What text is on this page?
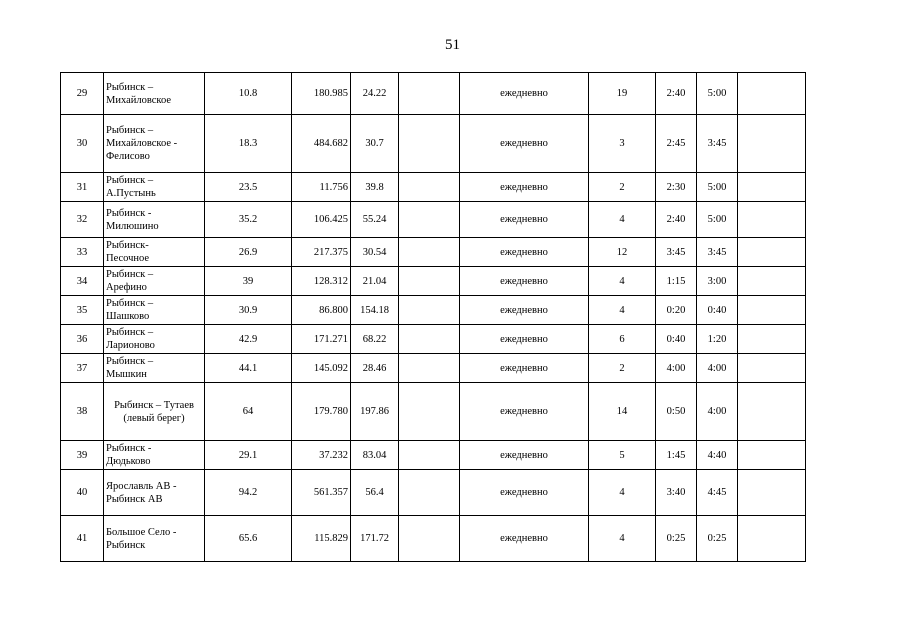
51
29	Рыбинск –
Михайловское	10.8	180.985	24.22		ежедневно	19	2:40	5:00	
30	Рыбинск –
Михайловское -
Фелисово	18.3	484.682	30.7		ежедневно	3	2:45	3:45	
31	Рыбинск –
А.Пустынь	23.5	11.756	39.8		ежедневно	2	2:30	5:00	
32	Рыбинск -
Милюшино	35.2	106.425	55.24		ежедневно	4	2:40	5:00	
33	Рыбинск-
Песочное	26.9	217.375	30.54		ежедневно	12	3:45	3:45	
34	Рыбинск –
Арефино	39	128.312	21.04		ежедневно	4	1:15	3:00	
35	Рыбинск –
Шашково	30.9	86.800	154.18		ежедневно	4	0:20	0:40	
36	Рыбинск –
Ларионово	42.9	171.271	68.22		ежедневно	6	0:40	1:20	
37	Рыбинск –
Мышкин	44.1	145.092	28.46		ежедневно	2	4:00	4:00	
38	Рыбинск – Тутаев
(левый берег)	64	179.780	197.86		ежедневно	14	0:50	4:00	
39	Рыбинск -
Дюдьково	29.1	37.232	83.04		ежедневно	5	1:45	4:40	
40	Ярославль АВ -
Рыбинск АВ	94.2	561.357	56.4		ежедневно	4	3:40	4:45	
41	Большое Село -
Рыбинск	65.6	115.829	171.72		ежедневно	4	0:25	0:25	
